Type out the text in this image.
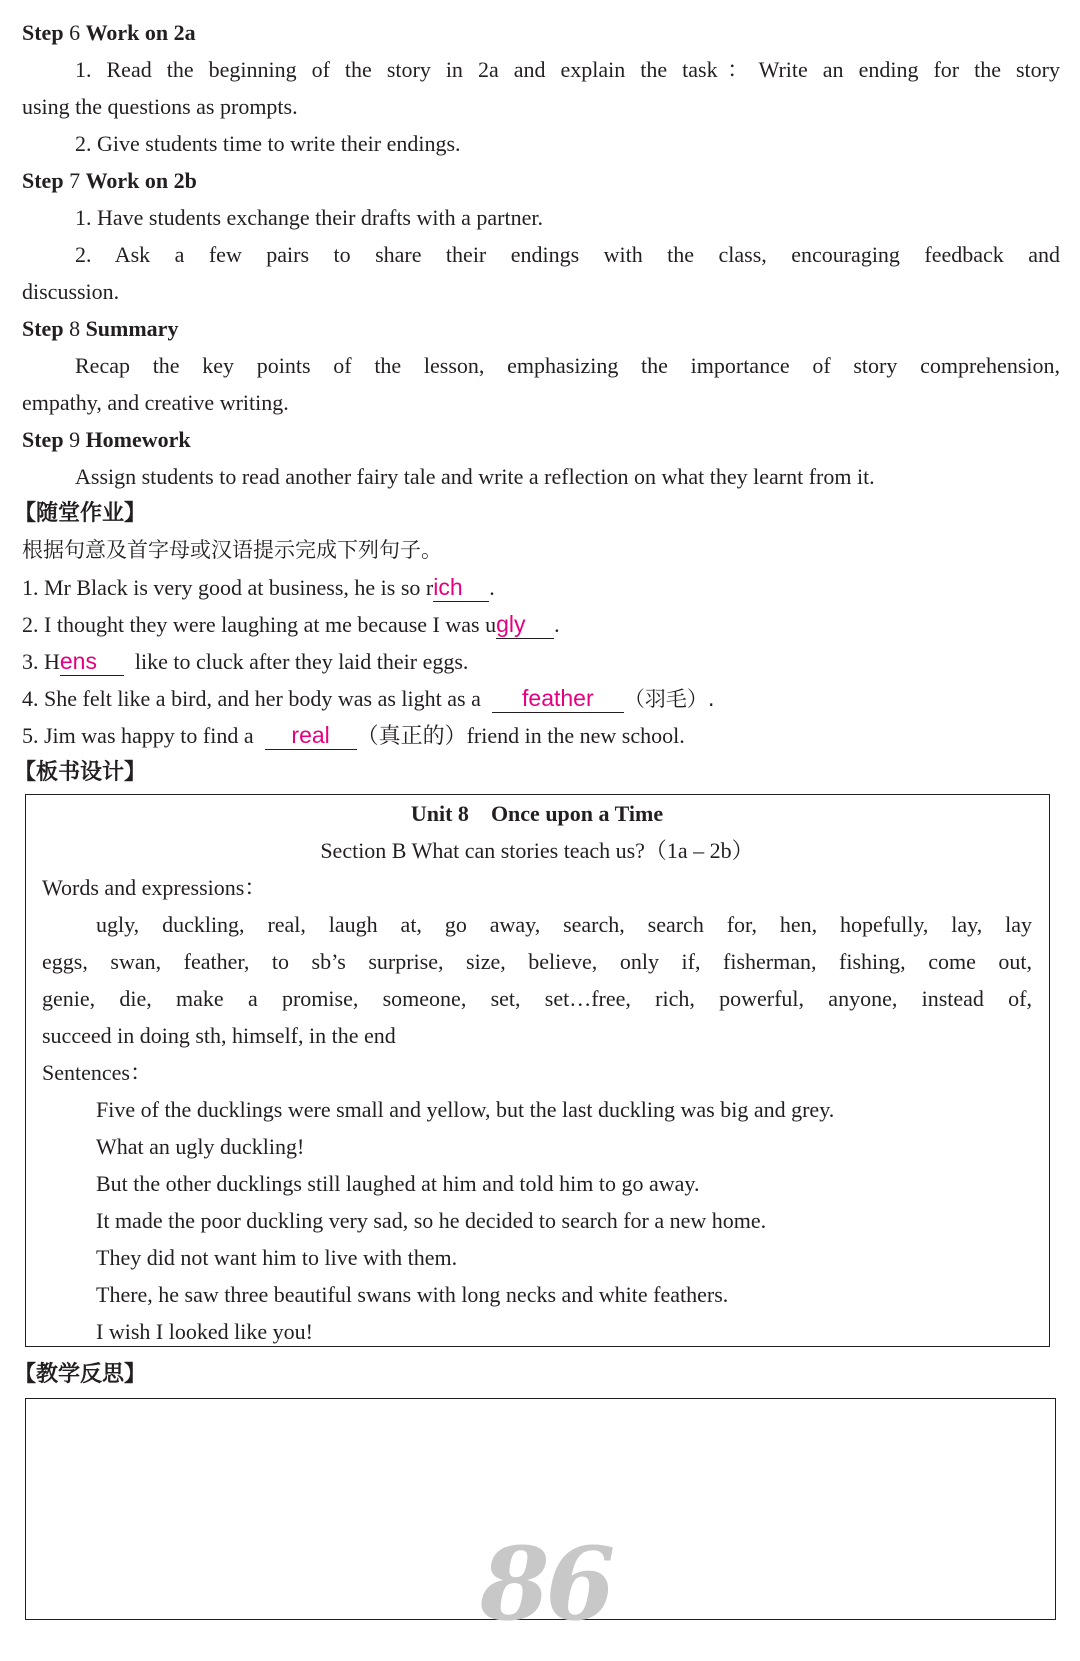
Step 6 Work on 2a
1. Read the beginning of the story in 2a and explain the task：Write an ending for the story
using the questions as prompts.
2. Give students time to write their endings.
Step 7 Work on 2b
1. Have students exchange their drafts with a partner.
2. Ask a few pairs to share their endings with the class, encouraging feedback and
discussion.
Step 8 Summary
Recap the key points of the lesson, emphasizing the importance of story comprehension,
empathy, and creative writing.
Step 9 Homework
Assign students to read another fairy tale and write a reflection on what they learnt from it.
【随堂作业】
根据句意及首字母或汉语提示完成下列句子。
1. Mr Black is very good at business, he is so rich .
2. I thought they were laughing at me because I was ugly .
3. Hens like to cluck after they laid their eggs.
4. She felt like a bird, and her body was as light as a feather （羽毛）.
5. Jim was happy to find a real （真正的）friend in the new school.
【板书设计】
Unit 8 Once upon a Time
Section B What can stories teach us?（1a – 2b）
Words and expressions：
ugly, duckling, real, laugh at, go away, search, search for, hen, hopefully, lay, lay
eggs, swan, feather, to sb’s surprise, size, believe, only if, fisherman, fishing, come out,
genie, die, make a promise, someone, set, set…free, rich, powerful, anyone, instead of,
succeed in doing sth, himself, in the end
Sentences：
Five of the ducklings were small and yellow, but the last duckling was big and grey.
What an ugly duckling!
But the other ducklings still laughed at him and told him to go away.
It made the poor duckling very sad, so he decided to search for a new home.
They did not want him to live with them.
There, he saw three beautiful swans with long necks and white feathers.
I wish I looked like you!
【教学反思】
86
